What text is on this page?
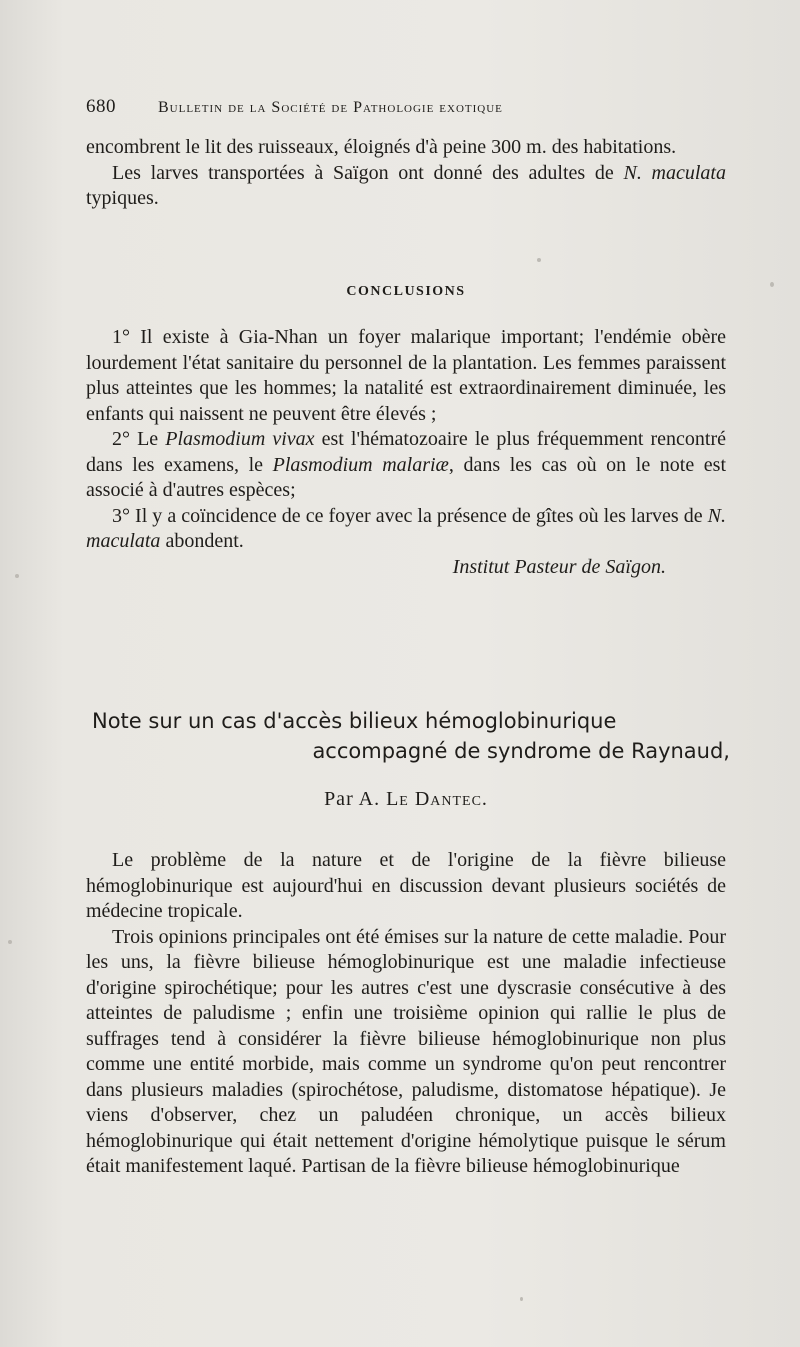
680	Bulletin de la Société de Pathologie exotique

encombrent le lit des ruisseaux, éloignés d'à peine 300 m. des habitations.

Les larves transportées à Saïgon ont donné des adultes de N. maculata typiques.

CONCLUSIONS

1° Il existe à Gia-Nhan un foyer malarique important; l'endémie obère lourdement l'état sanitaire du personnel de la plantation. Les femmes paraissent plus atteintes que les hommes; la natalité est extraordinairement diminuée, les enfants qui naissent ne peuvent être élevés ;

2° Le Plasmodium vivax est l'hématozoaire le plus fréquemment rencontré dans les examens, le Plasmodium malariæ, dans les cas où on le note est associé à d'autres espèces;

3° Il y a coïncidence de ce foyer avec la présence de gîtes où les larves de N. maculata abondent.

Institut Pasteur de Saïgon.

Note sur un cas d'accès bilieux hémoglobinurique
accompagné de syndrome de Raynaud,
Par A. Le Dantec.

Le problème de la nature et de l'origine de la fièvre bilieuse hémoglobinurique est aujourd'hui en discussion devant plusieurs sociétés de médecine tropicale.

Trois opinions principales ont été émises sur la nature de cette maladie. Pour les uns, la fièvre bilieuse hémoglobinurique est une maladie infectieuse d'origine spirochétique; pour les autres c'est une dyscrasie consécutive à des atteintes de paludisme ; enfin une troisième opinion qui rallie le plus de suffrages tend à considérer la fièvre bilieuse hémoglobinurique non plus comme une entité morbide, mais comme un syndrome qu'on peut rencontrer dans plusieurs maladies (spirochétose, paludisme, distomatose hépatique). Je viens d'observer, chez un paludéen chronique, un accès bilieux hémoglobinurique qui était nettement d'origine hémolytique puisque le sérum était manifestement laqué. Partisan de la fièvre bilieuse hémoglobinurique
